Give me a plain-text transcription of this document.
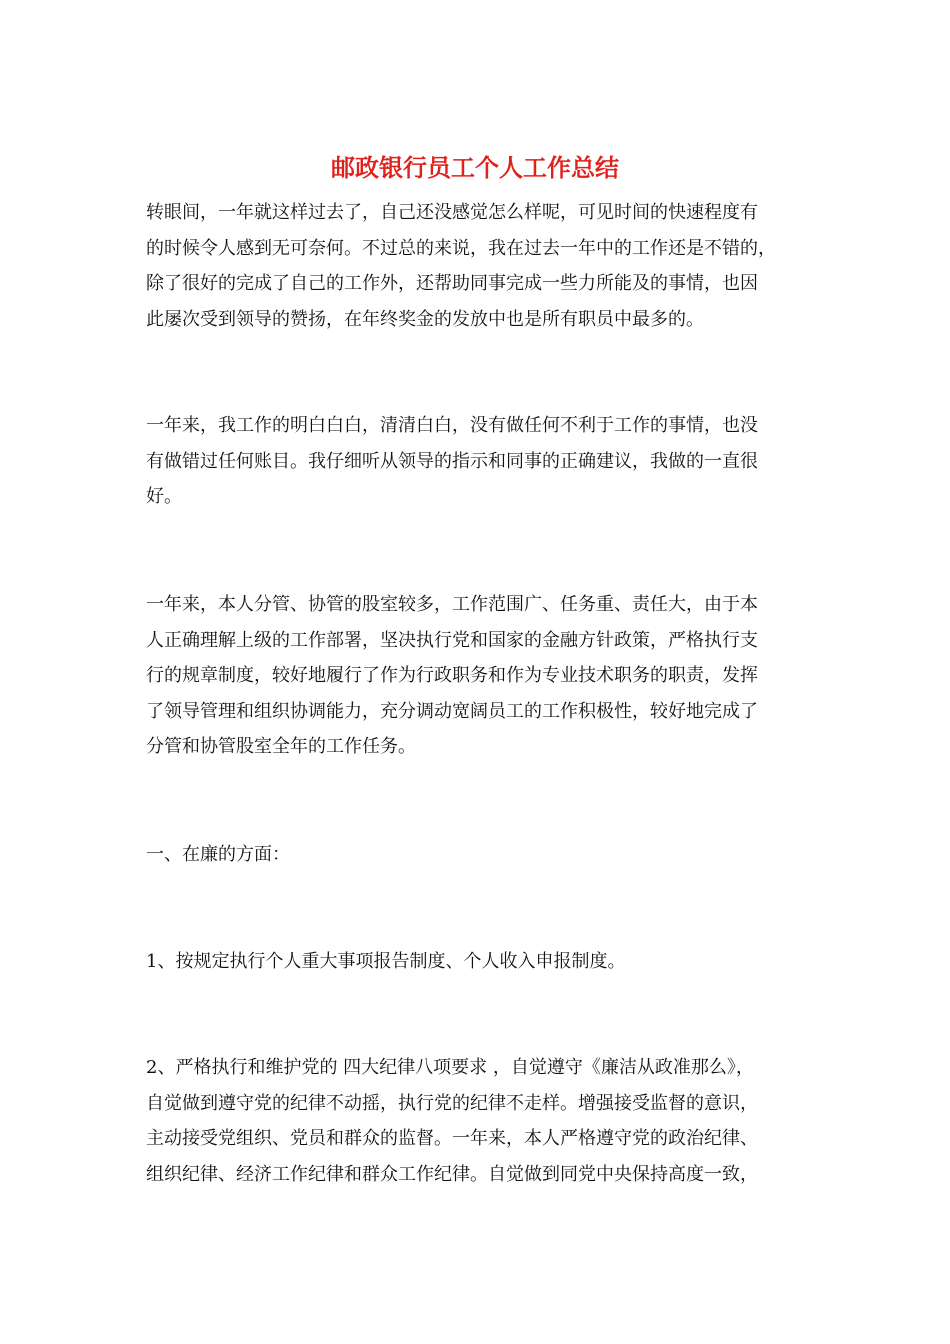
邮政银行员工个人工作总结

转眼间，一年就这样过去了，自己还没感觉怎么样呢，可见时间的快速程度有
的时候令人感到无可奈何。不过总的来说，我在过去一年中的工作还是不错的，
除了很好的完成了自己的工作外，还帮助同事完成一些力所能及的事情，也因
此屡次受到领导的赞扬，在年终奖金的发放中也是所有职员中最多的。

一年来，我工作的明白白白，清清白白，没有做任何不利于工作的事情，也没
有做错过任何账目。我仔细听从领导的指示和同事的正确建议，我做的一直很
好。

一年来，本人分管、协管的股室较多，工作范围广、任务重、责任大，由于本
人正确理解上级的工作部署，坚决执行党和国家的金融方针政策，严格执行支
行的规章制度，较好地履行了作为行政职务和作为专业技术职务的职责，发挥
了领导管理和组织协调能力，充分调动宽阔员工的工作积极性，较好地完成了
分管和协管股室全年的工作任务。

一、在廉的方面：

1、按规定执行个人重大事项报告制度、个人收入申报制度。

2、严格执行和维护党的 四大纪律八项要求 ，自觉遵守《廉洁从政准那么》，
自觉做到遵守党的纪律不动摇，执行党的纪律不走样。增强接受监督的意识，
主动接受党组织、党员和群众的监督。一年来，本人严格遵守党的政治纪律、
组织纪律、经济工作纪律和群众工作纪律。自觉做到同党中央保持高度一致，
